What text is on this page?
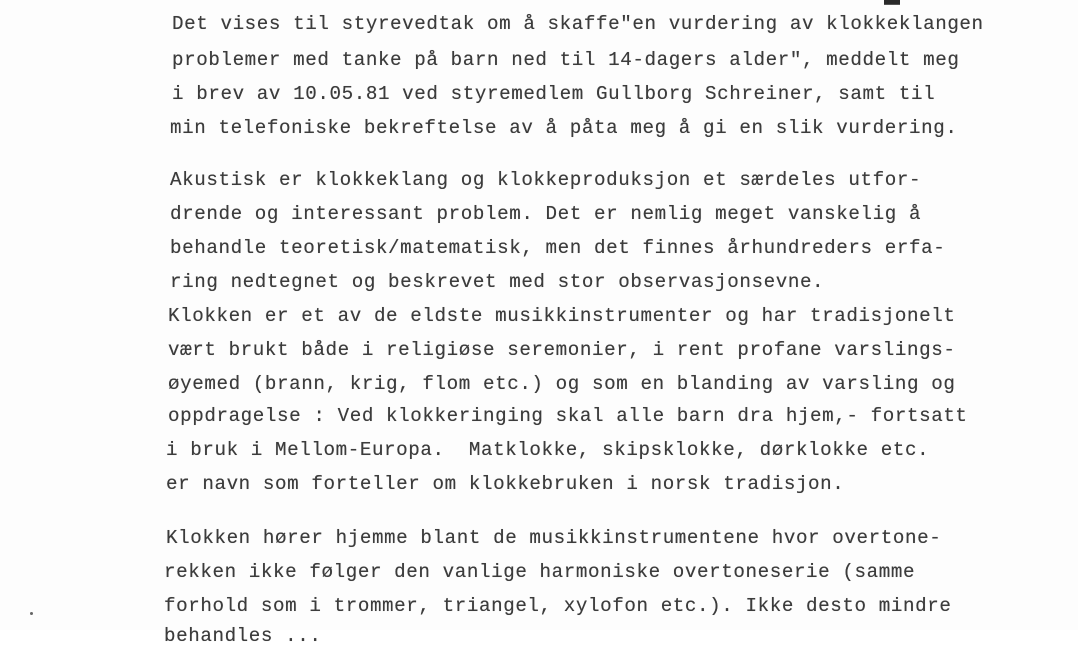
Det vises til styrevedtak om å skaffe"en vurdering av klokkeklangen
problemer med tanke på barn ned til 14-dagers alder", meddelt meg
i brev av 10.05.81 ved styremedlem Gullborg Schreiner, samt til
min telefoniske bekreftelse av å påta meg å gi en slik vurdering.
Akustisk er klokkeklang og klokkeproduksjon et særdeles utfor-
drende og interessant problem. Det er nemlig meget vanskelig å
behandle teoretisk/matematisk, men det finnes århundreders erfa-
ring nedtegnet og beskrevet med stor observasjonsevne.
Klokken er et av de eldste musikkinstrumenter og har tradisjonelt
vært brukt både i religiøse seremonier, i rent profane varslings-
øyemed (brann, krig, flom etc.) og som en blanding av varsling og
oppdragelse : Ved klokkeringing skal alle barn dra hjem,- fortsatt
i bruk i Mellom-Europa.  Matklokke, skipsklokke, dørklokke etc.
er navn som forteller om klokkebruken i norsk tradisjon.
Klokken hører hjemme blant de musikkinstrumentene hvor overtone-
rekken ikke følger den vanlige harmoniske overtoneserie (samme
forhold som i trommer, triangel, xylofon etc.). Ikke desto mindre
behandles ...
